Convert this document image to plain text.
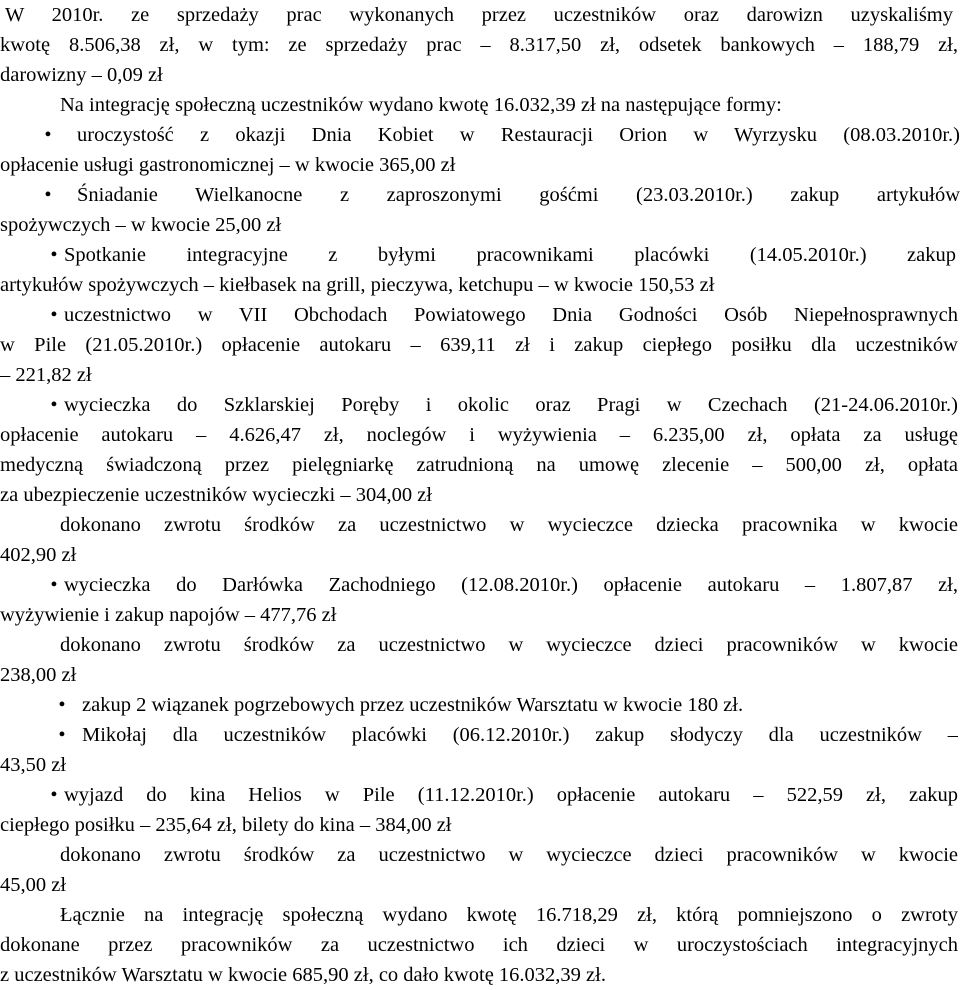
W 2010r. ze sprzedaży prac wykonanych przez uczestników oraz darowizn uzyskaliśmy
kwotę 8.506,38 zł, w tym: ze sprzedaży prac – 8.317,50 zł, odsetek bankowych – 188,79 zł,
darowizny – 0,09 zł
Na integrację społeczną uczestników wydano kwotę 16.032,39 zł na następujące formy:
•	uroczystość z okazji Dnia Kobiet w Restauracji Orion w Wyrzysku (08.03.2010r.)
opłacenie usługi gastronomicznej – w kwocie 365,00 zł
•	Śniadanie Wielkanocne z zaproszonymi gośćmi (23.03.2010r.) zakup artykułów
spożywczych – w kwocie 25,00 zł
• Spotkanie integracyjne z byłymi pracownikami placówki (14.05.2010r.) zakup
artykułów spożywczych – kiełbasek na grill, pieczywa, ketchupu – w kwocie 150,53 zł
• uczestnictwo w VII Obchodach Powiatowego Dnia Godności Osób Niepełnosprawnych
w Pile (21.05.2010r.) opłacenie autokaru – 639,11 zł i zakup ciepłego posiłku dla uczestników
– 221,82 zł
• wycieczka do Szklarskiej Poręby i okolic oraz Pragi w Czechach (21-24.06.2010r.)
opłacenie autokaru – 4.626,47 zł, noclegów i wyżywienia – 6.235,00 zł, opłata za usługę
medyczną świadczoną przez pielęgniarkę zatrudnioną na umowę zlecenie – 500,00 zł, opłata
za ubezpieczenie uczestników wycieczki – 304,00 zł
dokonano zwrotu środków za uczestnictwo w wycieczce dziecka pracownika w kwocie
402,90 zł
• wycieczka do Darłówka Zachodniego (12.08.2010r.) opłacenie autokaru – 1.807,87 zł,
wyżywienie i zakup napojów – 477,76 zł
dokonano zwrotu środków za uczestnictwo w wycieczce dzieci pracowników w kwocie
238,00 zł
• zakup 2 wiązanek pogrzebowych przez uczestników Warsztatu w kwocie 180 zł.
• Mikołaj dla uczestników placówki (06.12.2010r.) zakup słodyczy dla uczestników –
43,50 zł
• wyjazd do kina Helios w Pile (11.12.2010r.) opłacenie autokaru – 522,59 zł, zakup
ciepłego posiłku – 235,64 zł, bilety do kina – 384,00 zł
dokonano zwrotu środków za uczestnictwo w wycieczce dzieci pracowników w kwocie
45,00 zł
Łącznie na integrację społeczną wydano kwotę 16.718,29 zł, którą pomniejszono o zwroty
dokonane przez pracowników za uczestnictwo ich dzieci w uroczystościach integracyjnych
z uczestników Warsztatu w kwocie 685,90 zł, co dało kwotę 16.032,39 zł.
